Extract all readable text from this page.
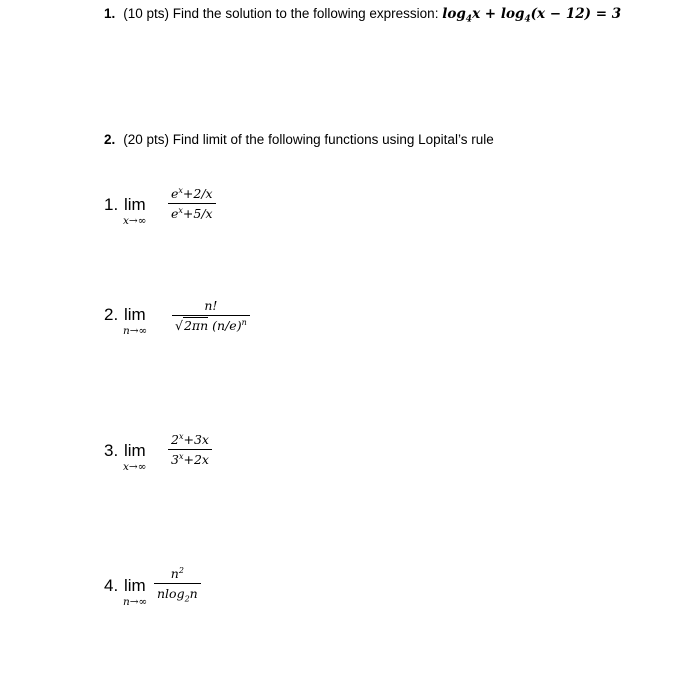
1. (10 pts) Find the solution to the following expression: $\log_4x + \log_4(x - 12) = 3$
2. (20 pts) Find limit of the following functions using Lopital’s rule
1. lim
x→∞
$e^x+2/x$
$e^x+5/x$
2. lim
n→∞
n!
√2πn $(n/e)^n$
3. lim
x→∞
$2^x+3x$
$3^x+2x$
4. lim
n→∞
$n^2$
nlog$_2$n
